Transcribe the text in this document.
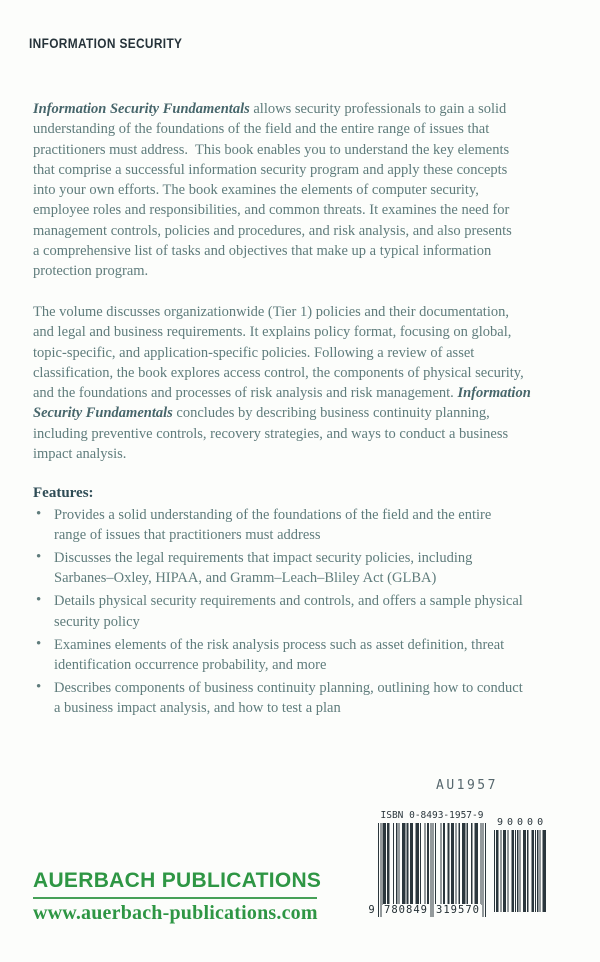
INFORMATION SECURITY
Information Security Fundamentals allows security professionals to gain a solid
understanding of the foundations of the field and the entire range of issues that
practitioners must address.  This book enables you to understand the key elements
that comprise a successful information security program and apply these concepts
into your own efforts. The book examines the elements of computer security,
employee roles and responsibilities, and common threats. It examines the need for
management controls, policies and procedures, and risk analysis, and also presents
a comprehensive list of tasks and objectives that make up a typical information
protection program.
The volume discusses organizationwide (Tier 1) policies and their documentation,
and legal and business requirements. It explains policy format, focusing on global,
topic-specific, and application-specific policies. Following a review of asset
classification, the book explores access control, the components of physical security,
and the foundations and processes of risk analysis and risk management. Information
Security Fundamentals concludes by describing business continuity planning,
including preventive controls, recovery strategies, and ways to conduct a business
impact analysis.
Features:
• Provides a solid understanding of the foundations of the field and the entire
range of issues that practitioners must address
• Discusses the legal requirements that impact security policies, including
Sarbanes–Oxley, HIPAA, and Gramm–Leach–Bliley Act (GLBA)
• Details physical security requirements and controls, and offers a sample physical
security policy
• Examines elements of the risk analysis process such as asset definition, threat
identification occurrence probability, and more
• Describes components of business continuity planning, outlining how to conduct
a business impact analysis, and how to test a plan
AU1957
ISBN 0-8493-1957-9
9 780849 319570
90000
AUERBACH PUBLICATIONS
www.auerbach-publications.com
